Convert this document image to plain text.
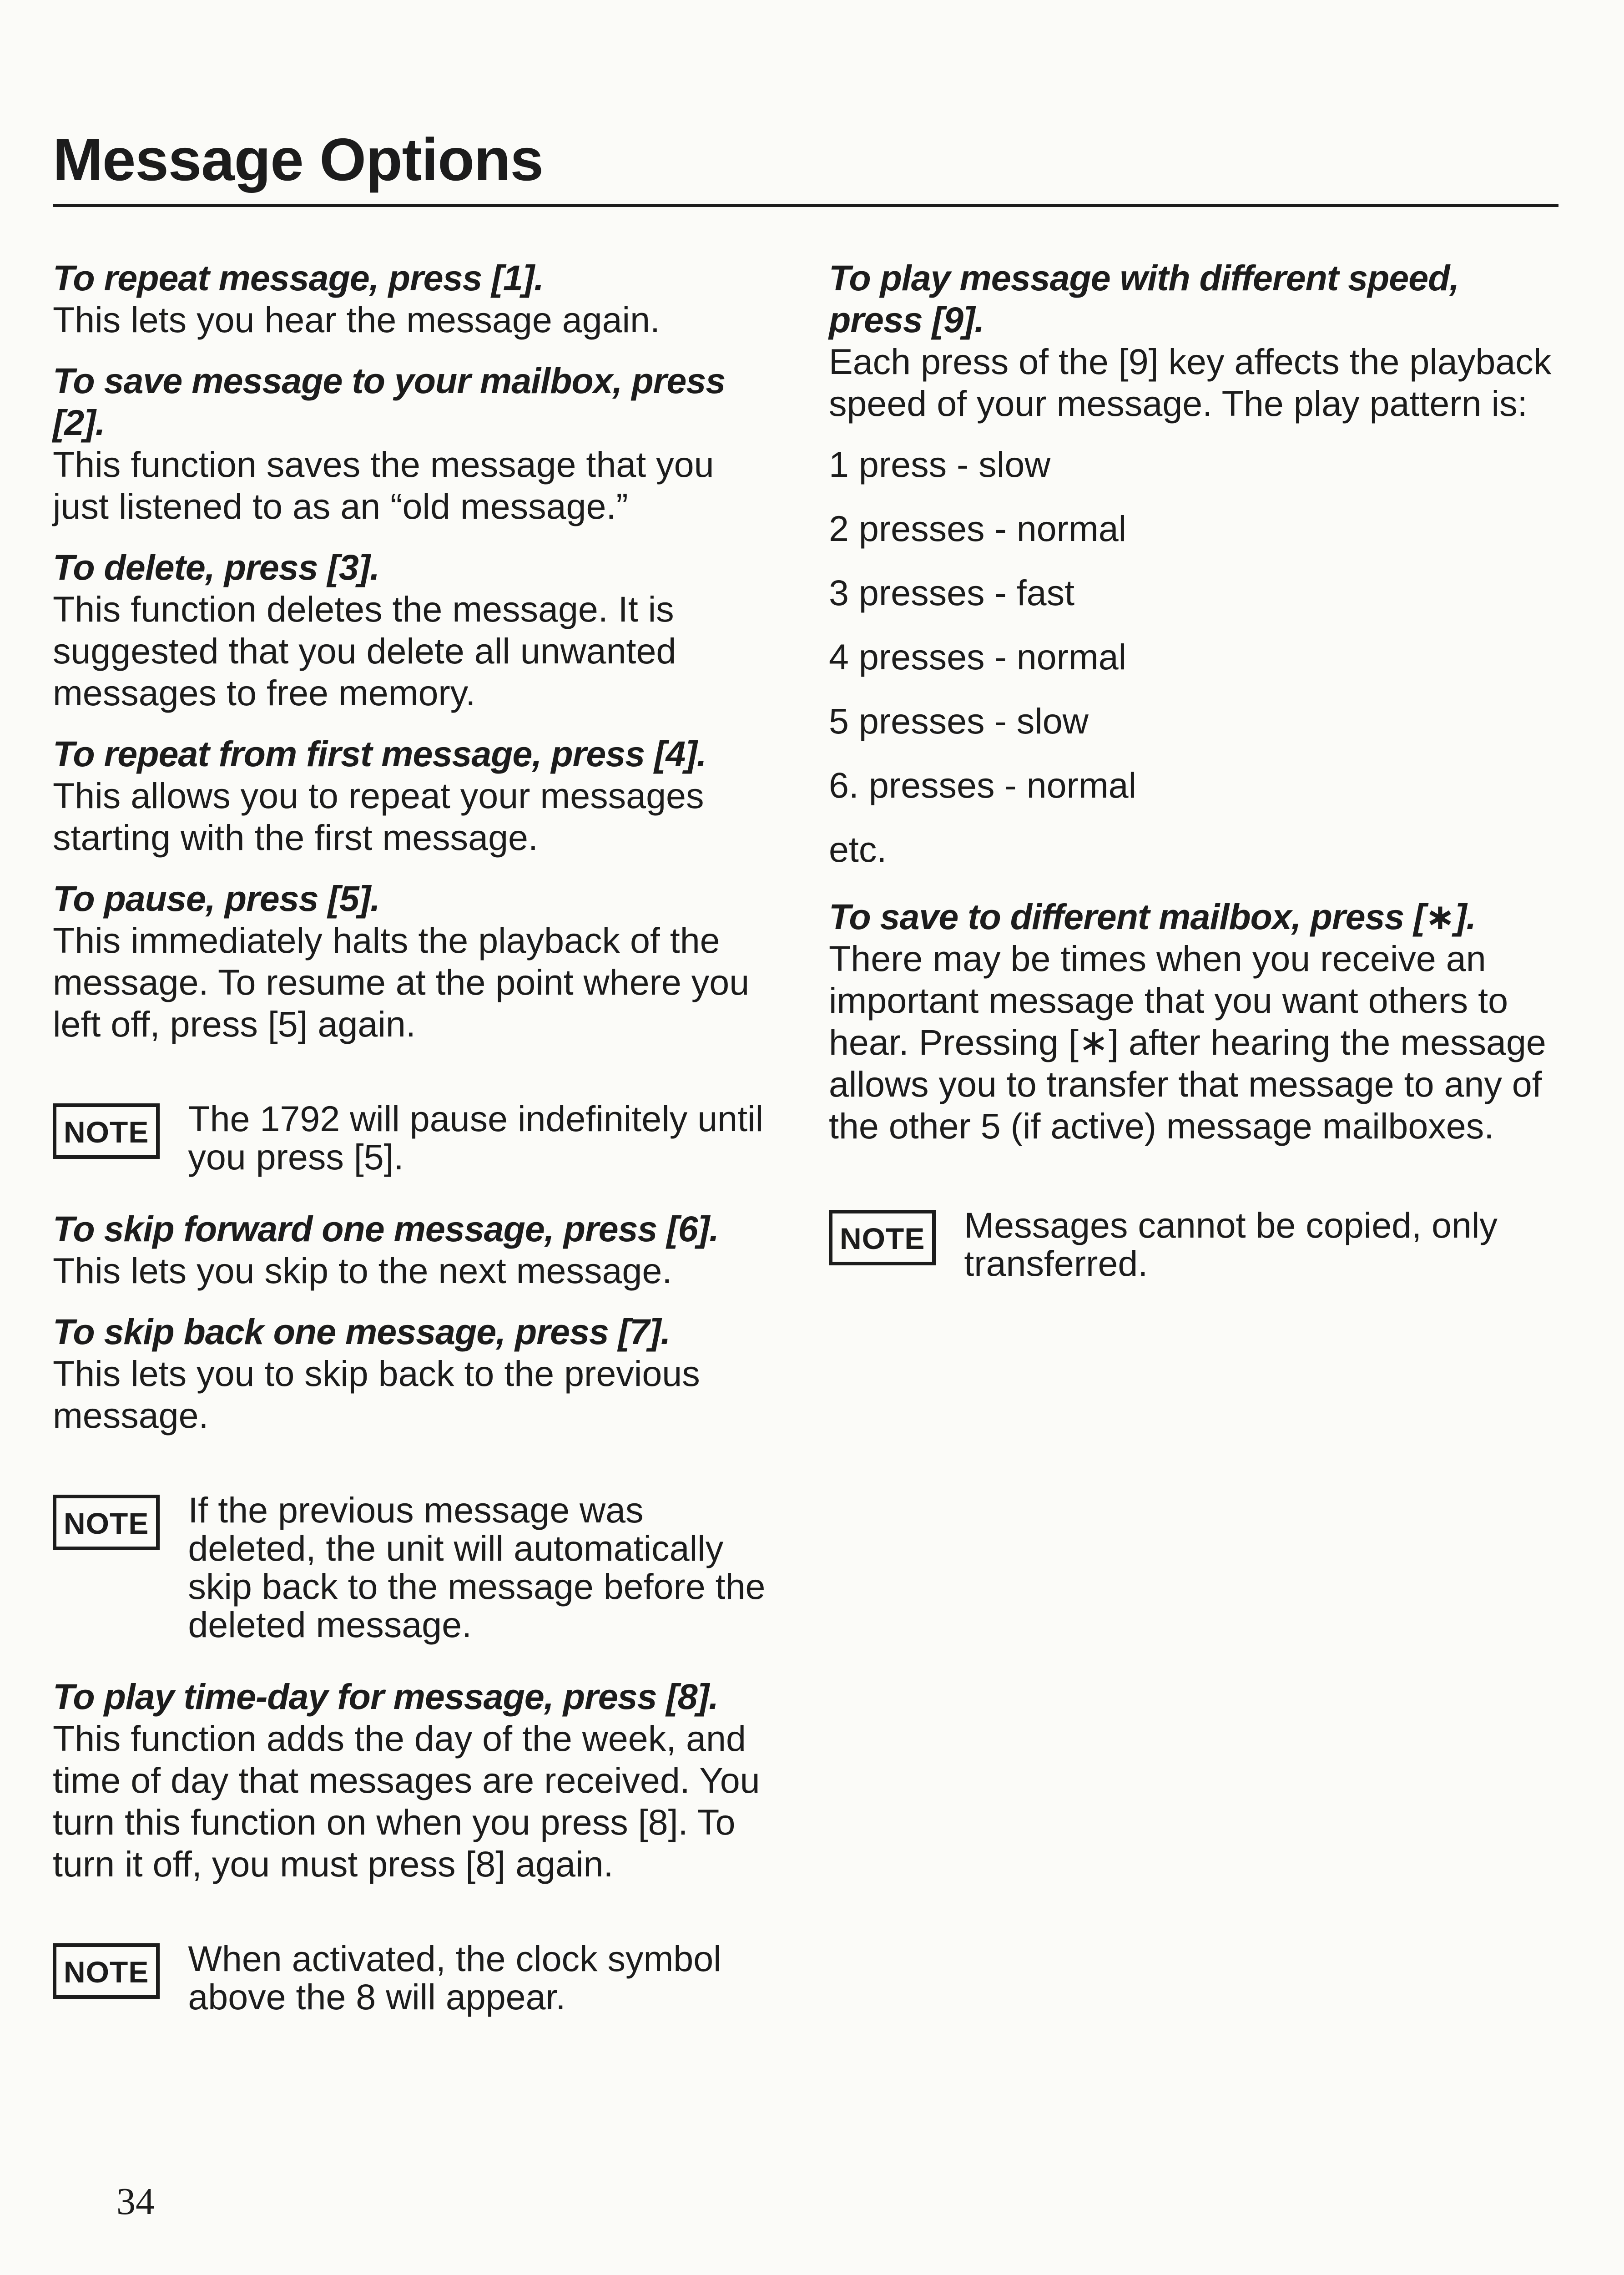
Message Options

To repeat message, press [1].

This lets you hear the message again.

To save message to your mailbox, press [2].

This function saves the message that you just listened to as an “old message.”

To delete, press [3].

This function deletes the message. It is suggested that you delete all unwanted messages to free memory.

To repeat from first message, press [4].

This allows you to repeat your messages starting with the first message.

To pause, press [5].

This immediately halts the playback of the message. To resume at the point where you left off, press [5] again.

NOTE	The 1792 will pause indefinitely until you press [5].

To skip forward one message, press [6].

This lets you skip to the next message.

To skip back one message, press [7].

This lets you to skip back to the previous message.

NOTE	If the previous message was deleted, the unit will automatically skip back to the message before the deleted message.

To play time-day for message, press [8].

This function adds the day of the week, and time of day that messages are received. You turn this function on when you press [8]. To turn it off, you must press [8] again.

NOTE	When activated, the clock symbol above the 8 will appear.

To play message with different speed, press [9].

Each press of the [9] key affects the playback speed of your message. The play pattern is:

1 press - slow
2 presses - normal
3 presses - fast
4 presses - normal
5 presses - slow
6. presses - normal

etc.

To save to different mailbox, press [∗].

There may be times when you receive an important message that you want others to hear. Pressing [∗] after hearing the message allows you to transfer that message to any of the other 5 (if active) message mailboxes.

NOTE	Messages cannot be copied, only transferred.

34
